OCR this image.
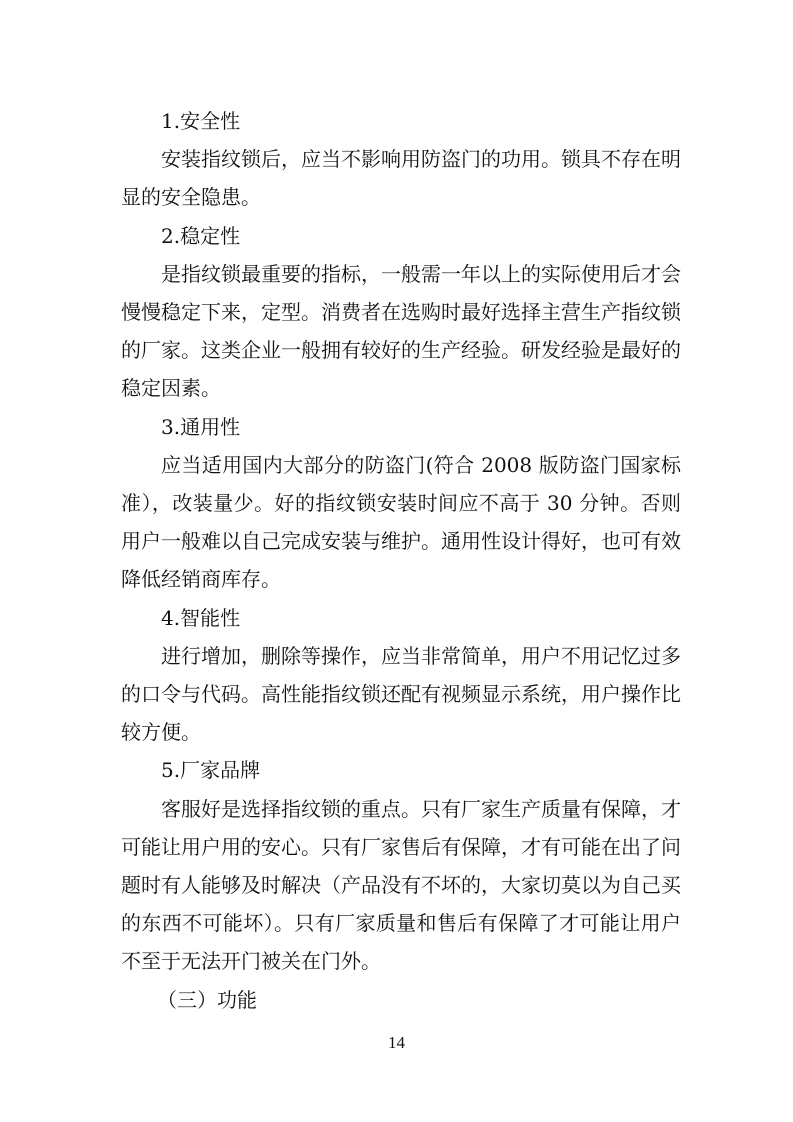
1.安全性

安装指纹锁后，应当不影响用防盗门的功用。锁具不存在明显的安全隐患。

2.稳定性

是指纹锁最重要的指标，一般需一年以上的实际使用后才会慢慢稳定下来，定型。消费者在选购时最好选择主营生产指纹锁的厂家。这类企业一般拥有较好的生产经验。研发经验是最好的稳定因素。

3.通用性

应当适用国内大部分的防盗门(符合 2008 版防盗门国家标准），改装量少。好的指纹锁安装时间应不高于 30 分钟。否则用户一般难以自己完成安装与维护。通用性设计得好，也可有效降低经销商库存。

4.智能性

进行增加，删除等操作，应当非常简单，用户不用记忆过多的口令与代码。高性能指纹锁还配有视频显示系统，用户操作比较方便。

5.厂家品牌

客服好是选择指纹锁的重点。只有厂家生产质量有保障，才可能让用户用的安心。只有厂家售后有保障，才有可能在出了问题时有人能够及时解决（产品没有不坏的，大家切莫以为自己买的东西不可能坏）。只有厂家质量和售后有保障了才可能让用户不至于无法开门被关在门外。

（三）功能
14
